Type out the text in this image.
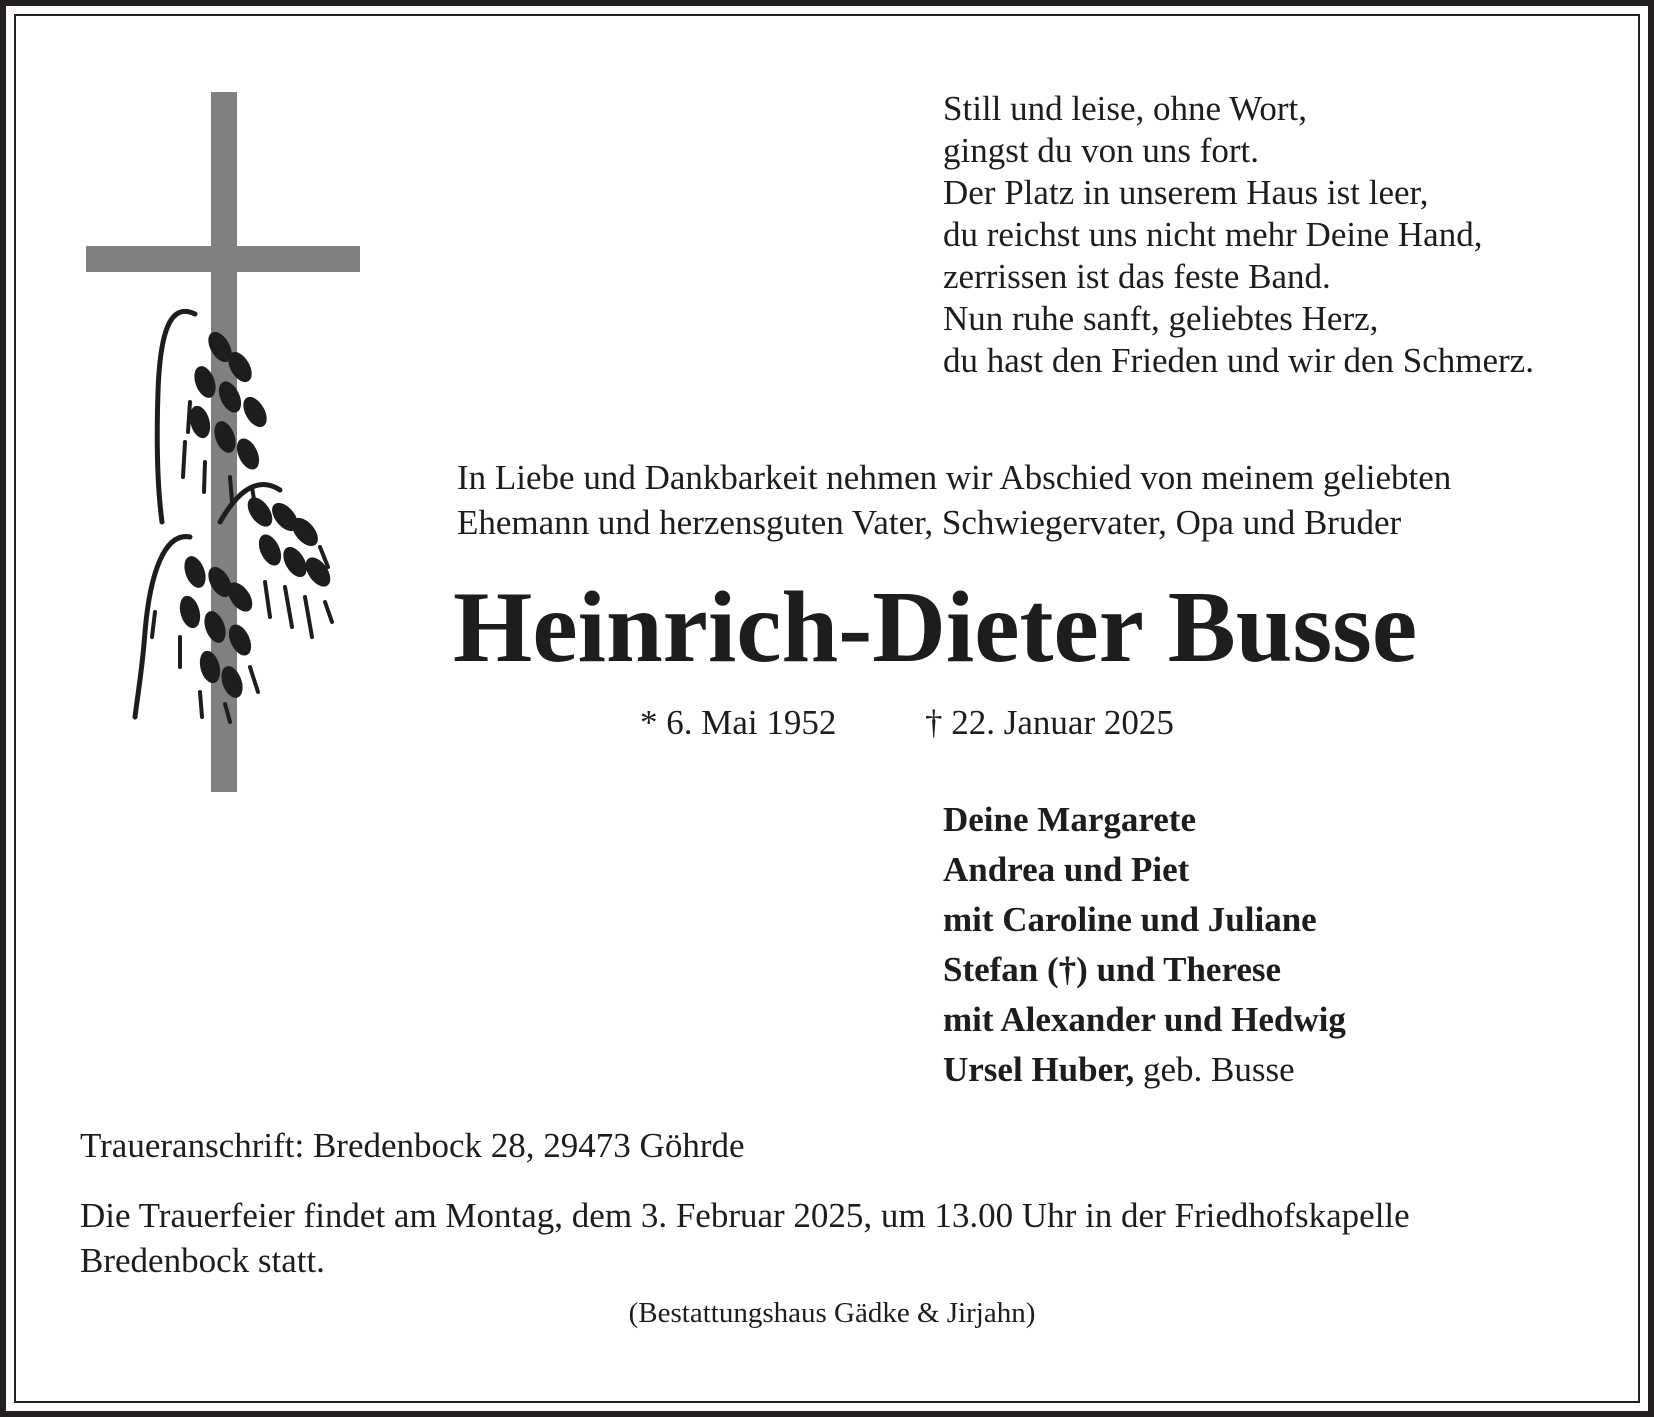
Still und leise, ohne Wort,
gingst du von uns fort.
Der Platz in unserem Haus ist leer,
du reichst uns nicht mehr Deine Hand,
zerrissen ist das feste Band.
Nun ruhe sanft, geliebtes Herz,
du hast den Frieden und wir den Schmerz.
In Liebe und Dankbarkeit nehmen wir Abschied von meinem geliebten
Ehemann und herzensguten Vater, Schwiegervater, Opa und Bruder
Heinrich-Dieter Busse
* 6. Mai 1952	† 22. Januar 2025
Deine Margarete
Andrea und Piet
mit Caroline und Juliane
Stefan (†) und Therese
mit Alexander und Hedwig
Ursel Huber, geb. Busse
Traueranschrift: Bredenbock 28, 29473 Göhrde
Die Trauerfeier findet am Montag, dem 3. Februar 2025, um 13.00 Uhr in der Friedhofskapelle
Bredenbock statt.
(Bestattungshaus Gädke & Jirjahn)
